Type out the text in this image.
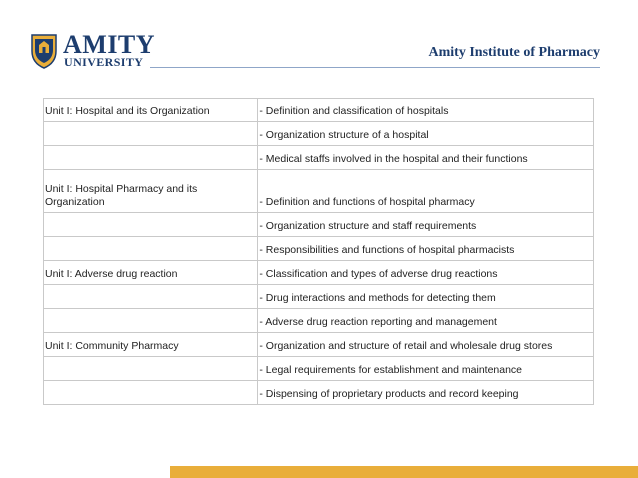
AMITY
UNIVERSITY
Amity Institute of Pharmacy
Unit I: Hospital and its Organization	- Definition and classification of hospitals
	- Organization structure of a hospital
	- Medical staffs involved in the hospital and their functions
Unit I: Hospital Pharmacy and its Organization	- Definition and functions of hospital pharmacy
	- Organization structure and staff requirements
	- Responsibilities and functions of hospital pharmacists
Unit I: Adverse drug reaction	- Classification and types of adverse drug reactions
	- Drug interactions and methods for detecting them
	- Adverse drug reaction reporting and management
Unit I: Community Pharmacy	- Organization and structure of retail and wholesale drug stores
	- Legal requirements for establishment and maintenance
	- Dispensing of proprietary products and record keeping
